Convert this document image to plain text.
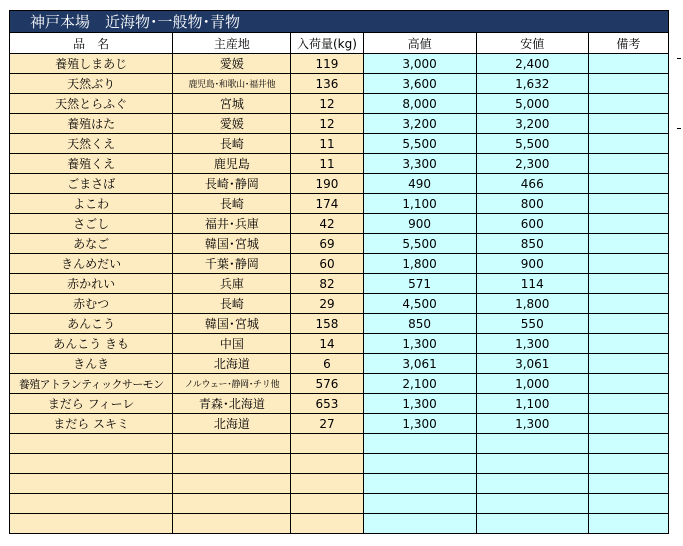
神戸本場　近海物･一般物･青物
品　名	主産地	入荷量(kg)	高値	安値	備考
養殖しまあじ	愛媛	119	3,000	2,400	
天然ぶり	鹿児島･和歌山･福井他	136	3,600	1,632	
天然とらふぐ	宮城	12	8,000	5,000	
養殖はた	愛媛	12	3,200	3,200	
天然くえ	長崎	11	5,500	5,500	
養殖くえ	鹿児島	11	3,300	2,300	
ごまさば	長崎･静岡	190	490	466	
よこわ	長崎	174	1,100	800	
さごし	福井･兵庫	42	900	600	
あなご	韓国･宮城	69	5,500	850	
きんめだい	千葉･静岡	60	1,800	900	
赤かれい	兵庫	82	571	114	
赤むつ	長崎	29	4,500	1,800	
あんこう	韓国･宮城	158	850	550	
あんこう きも	中国	14	1,300	1,300	
きんき	北海道	6	3,061	3,061	
養殖アトランティックサーモン	ノルウェー･静岡･チリ他	576	2,100	1,000	
まだら フィーレ	青森･北海道	653	1,300	1,100	
まだら スキミ	北海道	27	1,300	1,300	
